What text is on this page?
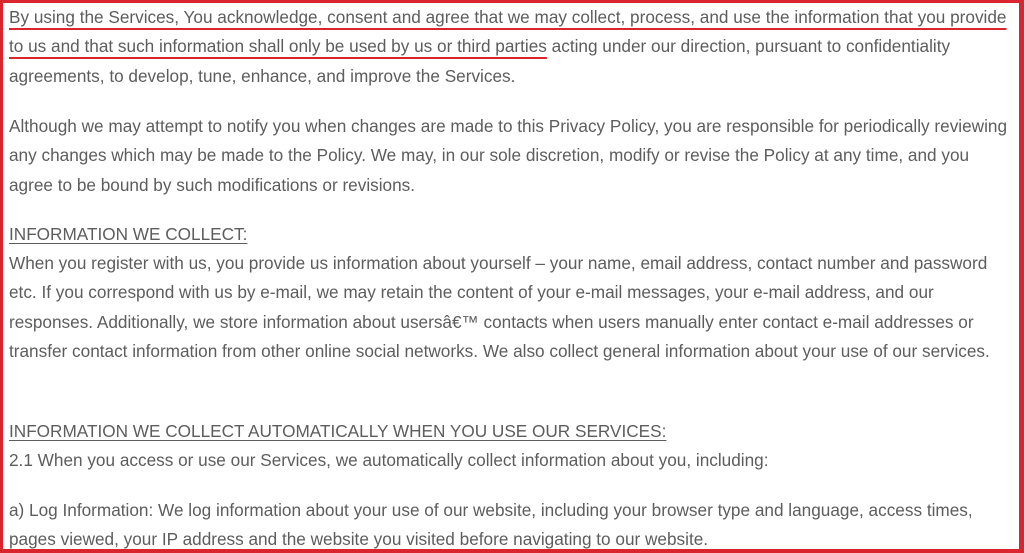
By using the Services, You acknowledge, consent and agree that we may collect, process, and use the information that you provide to us and that such information shall only be used by us or third parties acting under our direction, pursuant to confidentiality agreements, to develop, tune, enhance, and improve the Services.

Although we may attempt to notify you when changes are made to this Privacy Policy, you are responsible for periodically reviewing any changes which may be made to the Policy. We may, in our sole discretion, modify or revise the Policy at any time, and you agree to be bound by such modifications or revisions.

INFORMATION WE COLLECT:

When you register with us, you provide us information about yourself – your name, email address, contact number and password etc. If you correspond with us by e-mail, we may retain the content of your e-mail messages, your e-mail address, and our responses. Additionally, we store information about usersâ€™ contacts when users manually enter contact e-mail addresses or transfer contact information from other online social networks. We also collect general information about your use of our services.

INFORMATION WE COLLECT AUTOMATICALLY WHEN YOU USE OUR SERVICES:

2.1 When you access or use our Services, we automatically collect information about you, including:

a) Log Information: We log information about your use of our website, including your browser type and language, access times, pages viewed, your IP address and the website you visited before navigating to our website.
